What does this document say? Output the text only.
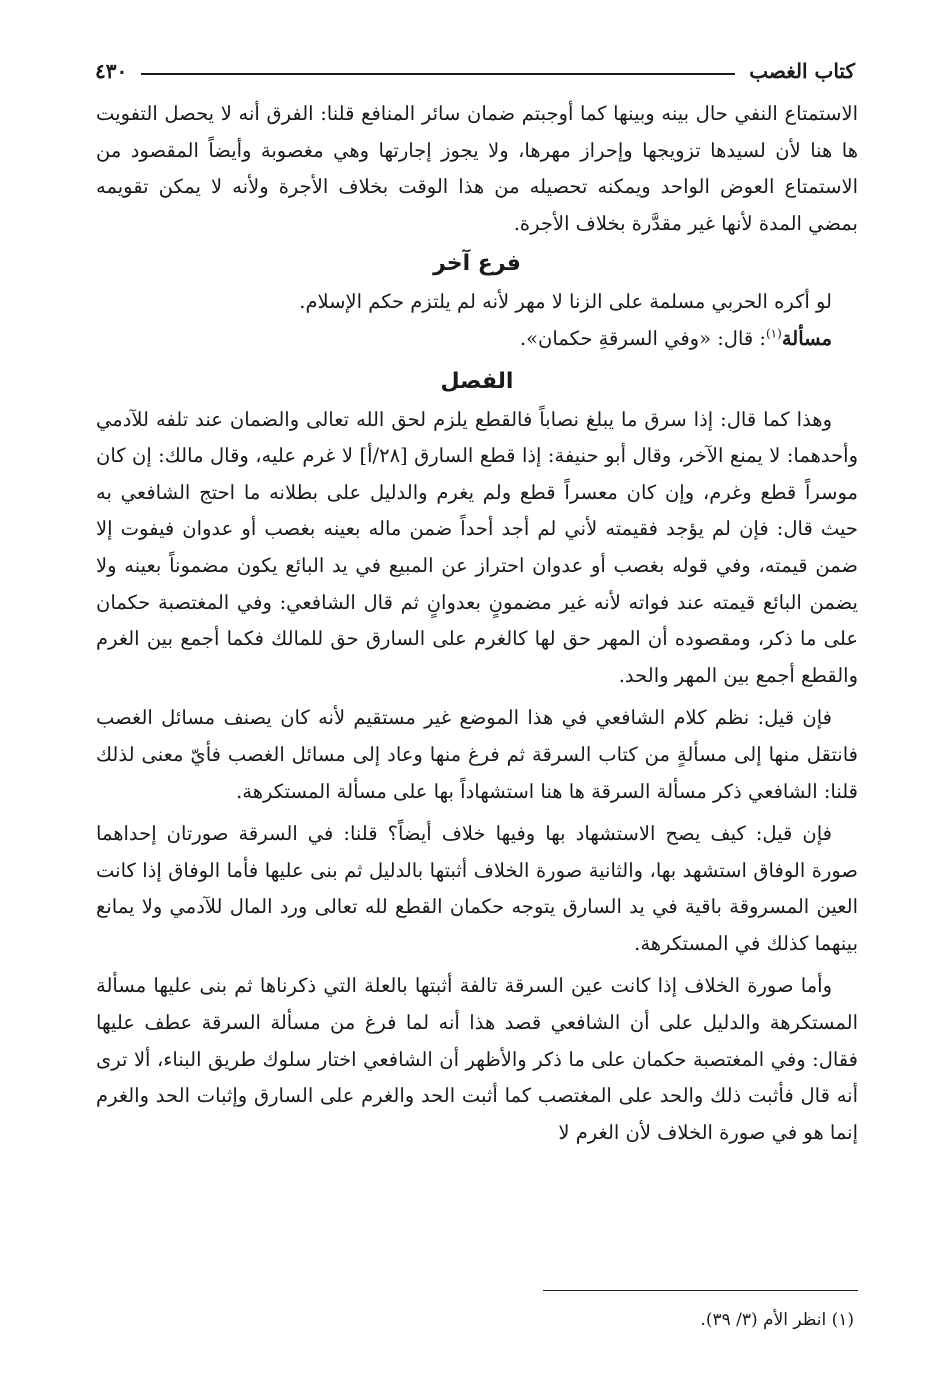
كتاب الغصب
٤٣٠

الاستمتاع النفي حال بينه وبينها كما أوجبتم ضمان سائر المنافع قلنا: الفرق أنه لا يحصل التفويت ها هنا لأن لسيدها تزويجها وإحراز مهرها، ولا يجوز إجارتها وهي مغصوبة وأيضاً المقصود من الاستمتاع العوض الواحد ويمكنه تحصيله من هذا الوقت بخلاف الأجرة ولأنه لا يمكن تقويمه بمضي المدة لأنها غير مقدَّرة بخلاف الأجرة.

فرع آخر

لو أكره الحربي مسلمة على الزنا لا مهر لأنه لم يلتزم حكم الإسلام.

مسألة$^{(١)}$: قال: «وفي السرقةِ حكمان».

الفصل

وهذا كما قال: إذا سرق ما يبلغ نصاباً فالقطع يلزم لحق الله تعالى والضمان عند تلفه للآدمي وأحدهما: لا يمنع الآخر، وقال أبو حنيفة: إذا قطع السارق [٢٨/أ] لا غرم عليه، وقال مالك: إن كان موسراً قطع وغرم، وإن كان معسراً قطع ولم يغرم والدليل على بطلانه ما احتج الشافعي به حيث قال: فإن لم يؤجد فقيمته لأني لم أجد أحداً ضمن ماله بعينه بغصب أو عدوان فيفوت إلا ضمن قيمته، وفي قوله بغصب أو عدوان احتراز عن المبيع في يد البائع يكون مضموناً بعينه ولا يضمن البائع قيمته عند فواته لأنه غير مضمونٍ بعدوانٍ ثم قال الشافعي: وفي المغتصبة حكمان على ما ذكر، ومقصوده أن المهر حق لها كالغرم على السارق حق للمالك فكما أجمع بين الغرم والقطع أجمع بين المهر والحد.

فإن قيل: نظم كلام الشافعي في هذا الموضع غير مستقيم لأنه كان يصنف مسائل الغصب فانتقل منها إلى مسألةٍ من كتاب السرقة ثم فرغ منها وعاد إلى مسائل الغصب فأيّ معنى لذلك قلنا: الشافعي ذكر مسألة السرقة ها هنا استشهاداً بها على مسألة المستكرهة.

فإن قيل: كيف يصح الاستشهاد بها وفيها خلاف أيضاً؟ قلنا: في السرقة صورتان إحداهما صورة الوفاق استشهد بها، والثانية صورة الخلاف أثبتها بالدليل ثم بنى عليها فأما الوفاق إذا كانت العين المسروقة باقية في يد السارق يتوجه حكمان القطع لله تعالى ورد المال للآدمي ولا يمانع بينهما كذلك في المستكرهة.

وأما صورة الخلاف إذا كانت عين السرقة تالفة أثبتها بالعلة التي ذكرناها ثم بنى عليها مسألة المستكرهة والدليل على أن الشافعي قصد هذا أنه لما فرغ من مسألة السرقة عطف عليها فقال: وفي المغتصبة حكمان على ما ذكر والأظهر أن الشافعي اختار سلوك طريق البناء، ألا ترى أنه قال فأثبت ذلك والحد على المغتصب كما أثبت الحد والغرم على السارق وإثبات الحد والغرم إنما هو في صورة الخلاف لأن الغرم لا

(١) انظر الأم (٣/ ٣٩).
